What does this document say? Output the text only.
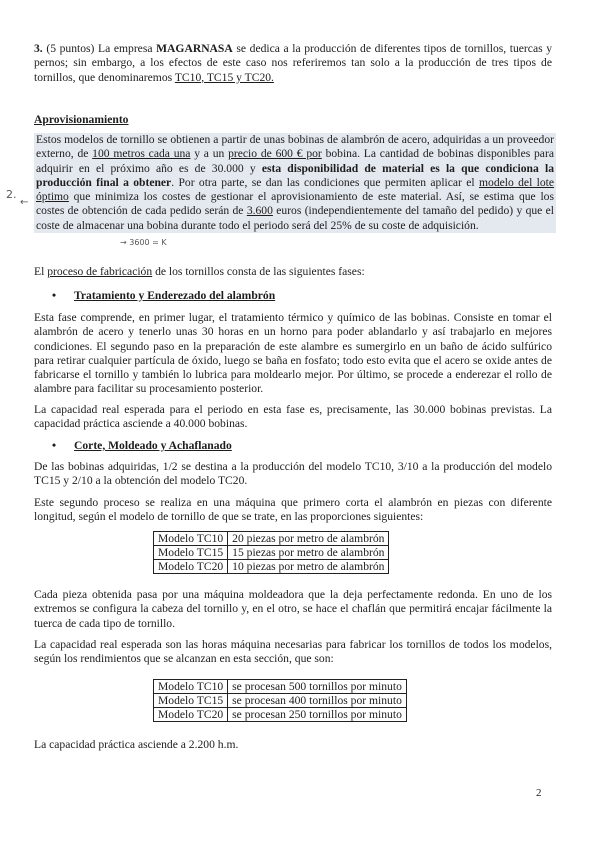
3. (5 puntos) La empresa MAGARNASA se dedica a la producción de diferentes tipos de tornillos, tuercas y pernos; sin embargo, a los efectos de este caso nos referiremos tan solo a la producción de tres tipos de tornillos, que denominaremos TC10, TC15 y TC20.

Aprovisionamiento

Estos modelos de tornillo se obtienen a partir de unas bobinas de alambrón de acero, adquiridas a un proveedor externo, de 100 metros cada una y a un precio de 600 € por bobina. La cantidad de bobinas disponibles para adquirir en el próximo año es de 30.000 y esta disponibilidad de material es la que condiciona la producción final a obtener. Por otra parte, se dan las condiciones que permiten aplicar el modelo del lote óptimo que minimiza los costes de gestionar el aprovisionamiento de este material. Así, se estima que los costes de obtención de cada pedido serán de 3.600 euros (independientemente del tamaño del pedido) y que el coste de almacenar una bobina durante todo el periodo será del 25% de su coste de adquisición.

2.
←
→ 3600 = K

El proceso de fabricación de los tornillos consta de las siguientes fases:

• Tratamiento y Enderezado del alambrón

Esta fase comprende, en primer lugar, el tratamiento térmico y químico de las bobinas. Consiste en tomar el alambrón de acero y tenerlo unas 30 horas en un horno para poder ablandarlo y así trabajarlo en mejores condiciones. El segundo paso en la preparación de este alambre es sumergirlo en un baño de ácido sulfúrico para retirar cualquier partícula de óxido, luego se baña en fosfato; todo esto evita que el acero se oxide antes de fabricarse el tornillo y también lo lubrica para moldearlo mejor. Por último, se procede a enderezar el rollo de alambre para facilitar su procesamiento posterior.

La capacidad real esperada para el periodo en esta fase es, precisamente, las 30.000 bobinas previstas. La capacidad práctica asciende a 40.000 bobinas.

• Corte, Moldeado y Achaflanado

De las bobinas adquiridas, 1/2 se destina a la producción del modelo TC10, 3/10 a la producción del modelo TC15 y 2/10 a la obtención del modelo TC20.

Este segundo proceso se realiza en una máquina que primero corta el alambrón en piezas con diferente longitud, según el modelo de tornillo de que se trate, en las proporciones siguientes:

Modelo TC10	20 piezas por metro de alambrón
Modelo TC15	15 piezas por metro de alambrón
Modelo TC20	10 piezas por metro de alambrón

Cada pieza obtenida pasa por una máquina moldeadora que la deja perfectamente redonda. En uno de los extremos se configura la cabeza del tornillo y, en el otro, se hace el chaflán que permitirá encajar fácilmente la tuerca de cada tipo de tornillo.

La capacidad real esperada son las horas máquina necesarias para fabricar los tornillos de todos los modelos, según los rendimientos que se alcanzan en esta sección, que son:

Modelo TC10	se procesan 500 tornillos por minuto
Modelo TC15	se procesan 400 tornillos por minuto
Modelo TC20	se procesan 250 tornillos por minuto

La capacidad práctica asciende a 2.200 h.m.

2
